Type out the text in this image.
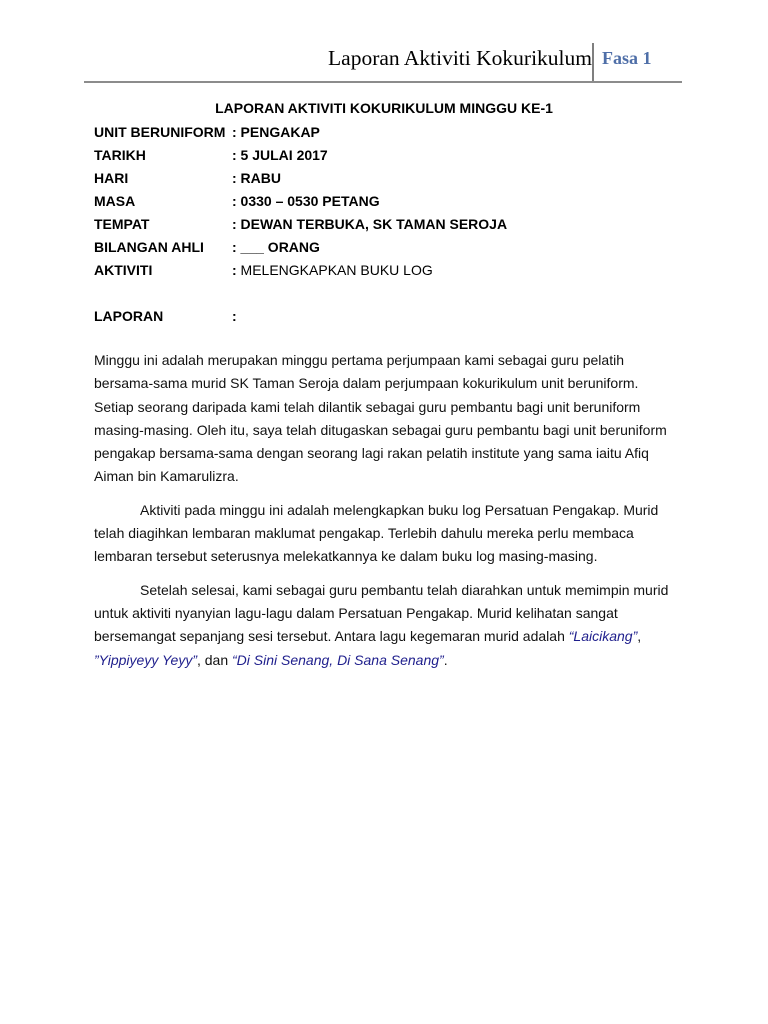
Laporan Aktiviti Kokurikulum Fasa 1
LAPORAN AKTIVITI KOKURIKULUM MINGGU KE-1
UNIT BERUNIFORM : PENGAKAP
TARIKH	: 5 JULAI 2017
HARI	: RABU
MASA	: 0330 – 0530 PETANG
TEMPAT	: DEWAN TERBUKA, SK TAMAN SEROJA
BILANGAN AHLI : ___ ORANG
AKTIVITI	: MELENGKAPKAN BUKU LOG
LAPORAN	:

Minggu ini adalah merupakan minggu pertama perjumpaan kami sebagai guru pelatih bersama-sama murid SK Taman Seroja dalam perjumpaan kokurikulum unit beruniform. Setiap seorang daripada kami telah dilantik sebagai guru pembantu bagi unit beruniform masing-masing. Oleh itu, saya telah ditugaskan sebagai guru pembantu bagi unit beruniform pengakap bersama-sama dengan seorang lagi rakan pelatih institute yang sama iaitu Afiq Aiman bin Kamarulizra.

Aktiviti pada minggu ini adalah melengkapkan buku log Persatuan Pengakap. Murid telah diagihkan lembaran maklumat pengakap. Terlebih dahulu mereka perlu membaca lembaran tersebut seterusnya melekatkannya ke dalam buku log masing-masing.

Setelah selesai, kami sebagai guru pembantu telah diarahkan untuk memimpin murid untuk aktiviti nyanyian lagu-lagu dalam Persatuan Pengakap. Murid kelihatan sangat bersemangat sepanjang sesi tersebut. Antara lagu kegemaran murid adalah “Laicikang”, ”Yippiyeyy Yeyy”, dan “Di Sini Senang, Di Sana Senang”.
